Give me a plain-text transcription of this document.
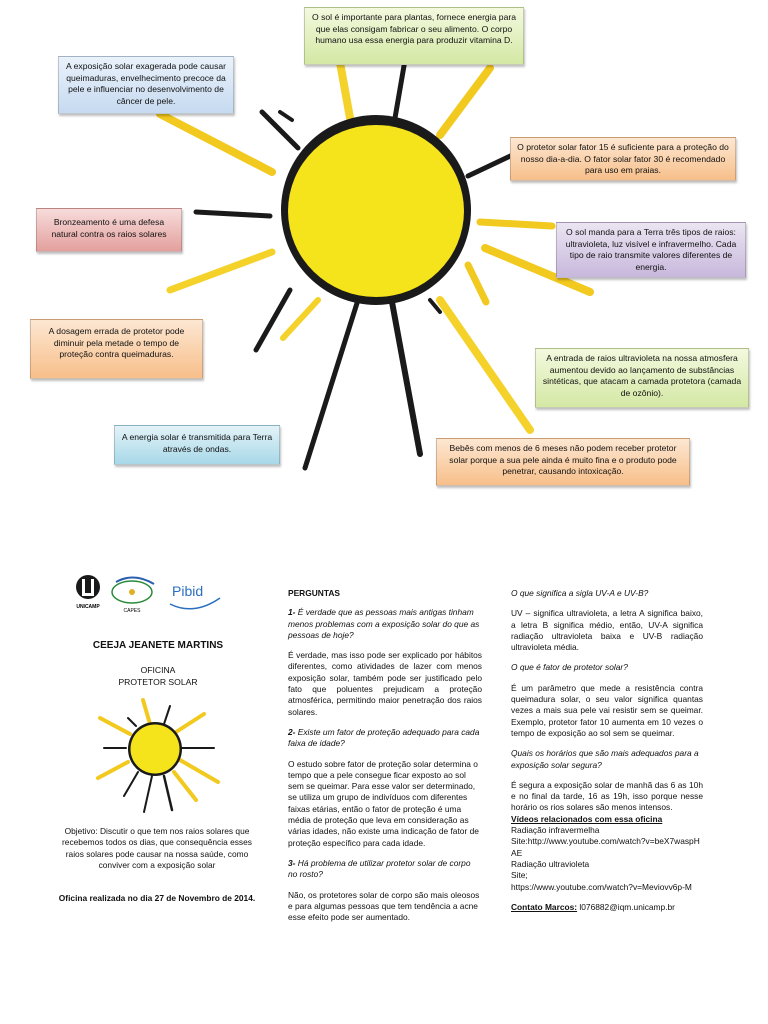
O sol é importante para plantas, fornece energia para que elas consigam fabricar o seu alimento. O corpo humano usa essa energia para produzir vitamina D.
A exposição solar exagerada pode causar queimaduras, envelhecimento precoce da pele e influenciar no desenvolvimento de câncer de pele.
O protetor solar fator 15 é suficiente para a proteção do nosso dia-a-dia. O fator solar fator 30 é recomendado para uso em praias.
Bronzeamento é uma defesa natural contra os raios solares	O sol manda para a Terra três tipos de raios: ultravioleta, luz visível e infravermelho. Cada tipo de raio transmite valores diferentes de energia.
A dosagem errada de protetor pode diminuir pela metade o tempo de proteção contra queimaduras.	A entrada de raios ultravioleta na nossa atmosfera aumentou devido ao lançamento de substâncias sintéticas, que atacam a camada protetora (camada de ozônio).
A energia solar é transmitida para Terra através de ondas.	Bebês com menos de 6 meses não podem receber protetor solar porque a sua pele ainda é muito fina e o produto pode penetrar, causando intoxicação.
UNICAMP
CAPES
Pibid
CEEJA JEANETE MARTINS
OFICINA
PROTETOR SOLAR

Objetivo: Discutir o que tem nos raios solares que recebemos todos os dias, que consequência esses raios solares pode causar na nossa saúde, como conviver com a exposição solar

Oficina realizada no dia 27 de Novembro de 2014.

PERGUNTAS

1- É verdade que as pessoas mais antigas tinham menos problemas com a exposição solar do que as pessoas de hoje?

É verdade, mas isso pode ser explicado por hábitos diferentes, como atividades de lazer com menos exposição solar, também pode ser justificado pelo fato que poluentes prejudicam a proteção atmosférica, permitindo maior penetração dos raios solares.

2- Existe um fator de proteção adequado para cada faixa de idade?

O estudo sobre fator de proteção solar determina o tempo que a pele consegue ficar exposto ao sol sem se queimar. Para esse valor ser determinado, se utiliza um grupo de indivíduos com diferentes faixas etárias, então o fator de proteção é uma média de proteção que leva em consideração as várias idades, não existe uma indicação de fator de proteção específico para cada idade.

3- Há problema de utilizar protetor solar de corpo no rosto?

Não, os protetores solar de corpo são mais oleosos e para algumas pessoas que tem tendência a acne esse efeito pode ser aumentado.

O que significa a sigla UV-A e UV-B?

UV – significa ultravioleta, a letra A significa baixo, a letra B significa médio, então, UV-A significa radiação ultravioleta baixa e UV-B radiação ultravioleta média.

O que é fator de protetor solar?

É um parâmetro que mede a resistência contra queimadura solar, o seu valor significa quantas vezes a mais sua pele vai resistir sem se queimar. Exemplo, protetor fator 10 aumenta em 10 vezes o tempo de exposição ao sol sem se queimar.

Quais os horários que são mais adequados para a exposição solar segura?

É segura a exposição solar de manhã das 6 as 10h e no final da tarde, 16 as 19h, isso porque nesse horário os rios solares são menos intensos.

Vídeos relacionados com essa oficina
Radiação infravermelha
Site:http://www.youtube.com/watch?v=beX7waspHAE
Radiação ultravioleta
Site;
https://www.youtube.com/watch?v=Meviovv6p-M
Contato Marcos: l076882@iqm.unicamp.br
